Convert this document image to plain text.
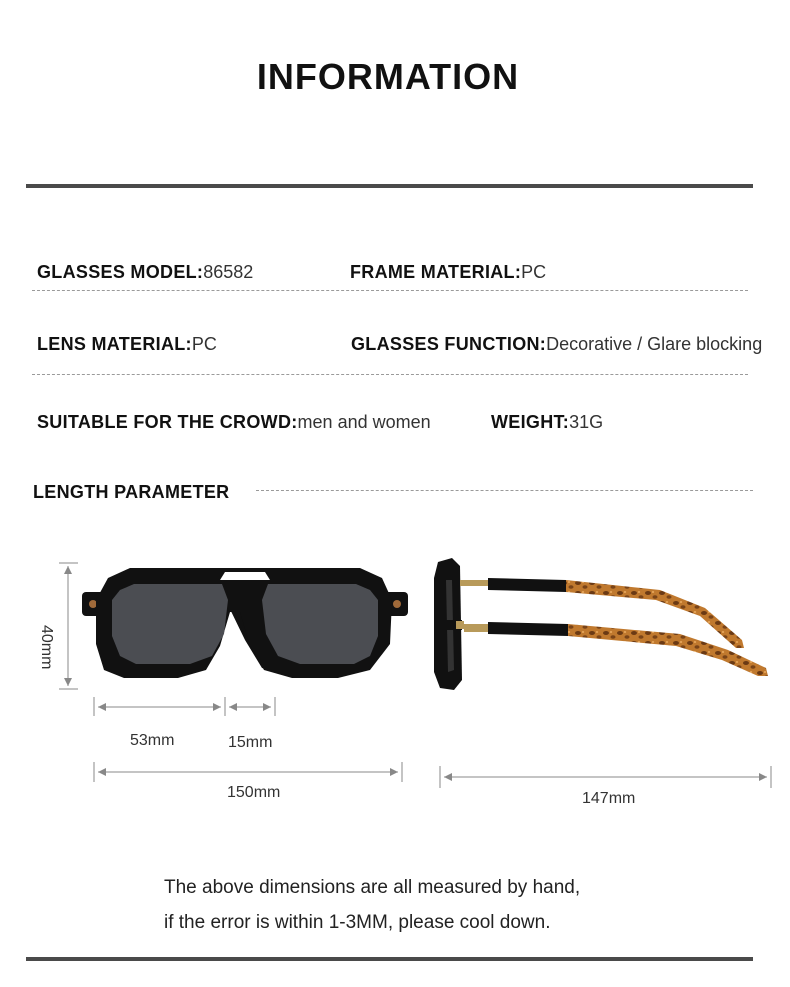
INFORMATION
GLASSES MODEL:86582	FRAME MATERIAL:PC
LENS MATERIAL:PC	GLASSES FUNCTION:Decorative / Glare blocking
SUITABLE FOR THE CROWD:men and women	WEIGHT:31G
LENGTH PARAMETER
40mm
53mm	15mm
150mm	147mm
The above dimensions are all measured by hand,
if the error is within 1-3MM, please cool down.
